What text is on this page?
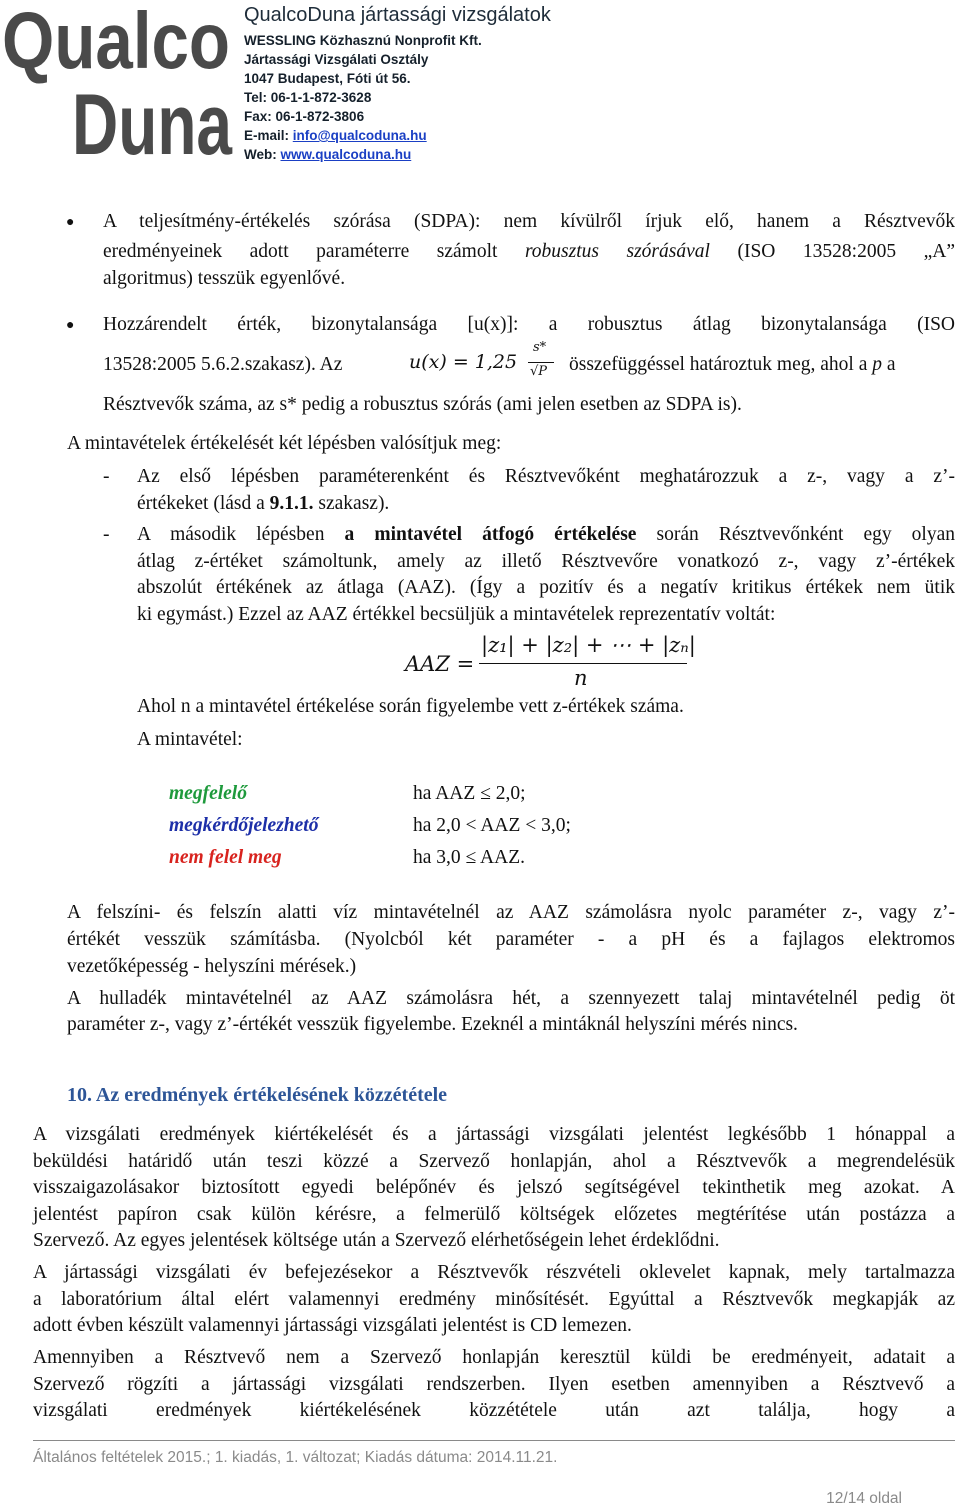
Qualco
Duna
QualcoDuna jártassági vizsgálatok
WESSLING Közhasznú Nonprofit Kft.
Jártassági Vizsgálati Osztály
1047 Budapest, Fóti út 56.
Tel: 06-1-1-872-3628
Fax: 06-1-872-3806
E-mail: info@qualcoduna.hu
Web: www.qualcoduna.hu
● A teljesítmény-értékelés szórása (SDPA): nem kívülről írjuk elő, hanem a Résztvevők
eredményeinek adott paraméterre számolt robusztus szórásával (ISO 13528:2005 „A”
algoritmus) tesszük egyenlővé.
● Hozzárendelt érték, bizonytalansága [u(x)]: a robusztus átlag bizonytalansága (ISO
13528:2005 5.6.2.szakasz). Az	u(x) = 1,25
s*
√P összefüggéssel határoztuk meg, ahol a p a
Résztvevők száma, az s* pedig a robusztus szórás (ami jelen esetben az SDPA is).
A mintavételek értékelését két lépésben valósítjuk meg:
- Az első lépésben paraméterenként és Résztvevőként meghatározzuk a z-, vagy a z’-
értékeket (lásd a 9.1.1. szakasz).
- A második lépésben a mintavétel átfogó értékelése során Résztvevőnként egy olyan
átlag z-értéket számoltunk, amely az illető Résztvevőre vonatkozó z-, vagy z’-értékek
abszolút értékének az átlaga (AAZ). (Így a pozitív és a negatív kritikus értékek nem ütik
ki egymást.) Ezzel az AAZ értékkel becsüljük a mintavételek reprezentatív voltát:
AAZ =
|z₁| + |z₂| + ⋯ + |zₙ|
n
Ahol n a mintavétel értékelése során figyelembe vett z-értékek száma.
A mintavétel:
megfelelő	ha AAZ ≤ 2,0;
megkérdőjelezhető	ha 2,0 < AAZ < 3,0;
nem felel meg	ha 3,0 ≤ AAZ.
A felszíni- és felszín alatti víz mintavételnél az AAZ számolásra nyolc paraméter z-, vagy z’-
értékét vesszük számításba. (Nyolcból két paraméter - a pH és a fajlagos elektromos
vezetőképesség - helyszíni mérések.)
A hulladék mintavételnél az AAZ számolásra hét, a szennyezett talaj mintavételnél pedig öt
paraméter z-, vagy z’-értékét vesszük figyelembe. Ezeknél a mintáknál helyszíni mérés nincs.
10. Az eredmények értékelésének közzététele
A vizsgálati eredmények kiértékelését és a jártassági vizsgálati jelentést legkésőbb 1 hónappal a
beküldési határidő után teszi közzé a Szervező honlapján, ahol a Résztvevők a megrendelésük
visszaigazolásakor biztosított egyedi belépőnév és jelszó segítségével tekinthetik meg azokat. A
jelentést papíron csak külön kérésre, a felmerülő költségek előzetes megtérítése után postázza a
Szervező. Az egyes jelentések költsége után a Szervező elérhetőségein lehet érdeklődni.
A jártassági vizsgálati év befejezésekor a Résztvevők részvételi oklevelet kapnak, mely tartalmazza
a laboratórium által elért valamennyi eredmény minősítését. Egyúttal a Résztvevők megkapják az
adott évben készült valamennyi jártassági vizsgálati jelentést is CD lemezen.
Amennyiben a Résztvevő nem a Szervező honlapján keresztül küldi be eredményeit, adatait a
Szervező rögzíti a jártassági vizsgálati rendszerben. Ilyen esetben amennyiben a Résztvevő a
vizsgálati eredmények kiértékelésének közzététele után azt találja, hogy a
Általános feltételek 2015.; 1. kiadás, 1. változat; Kiadás dátuma: 2014.11.21.
12/14 oldal
